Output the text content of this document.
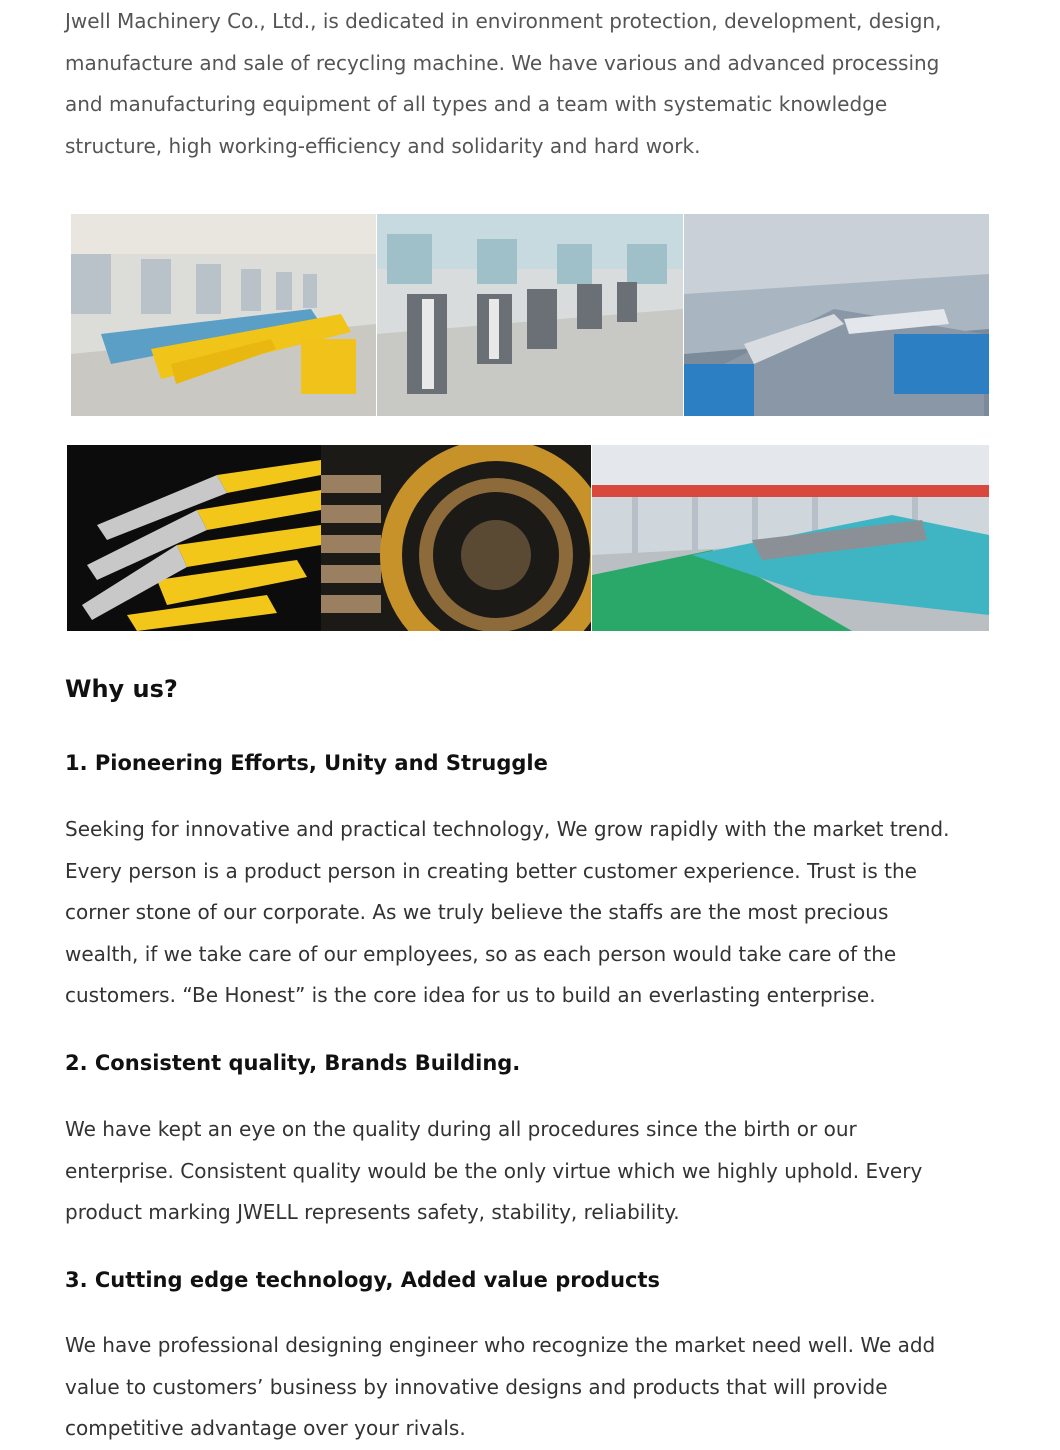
Jwell Machinery Co., Ltd., is dedicated in environment protection, development, design,
manufacture and sale of recycling machine. We have various and advanced processing
and manufacturing equipment of all types and a team with systematic knowledge
structure, high working-efficiency and solidarity and hard work.
Why us?
1. Pioneering Efforts, Unity and Struggle
Seeking for innovative and practical technology, We grow rapidly with the market trend.
Every person is a product person in creating better customer experience. Trust is the
corner stone of our corporate. As we truly believe the staffs are the most precious
wealth, if we take care of our employees, so as each person would take care of the
customers. “Be Honest” is the core idea for us to build an everlasting enterprise.
2. Consistent quality, Brands Building.
We have kept an eye on the quality during all procedures since the birth or our
enterprise. Consistent quality would be the only virtue which we highly uphold. Every
product marking JWELL represents safety, stability, reliability.
3. Cutting edge technology, Added value products
We have professional designing engineer who recognize the market need well. We add
value to customers’ business by innovative designs and products that will provide
competitive advantage over your rivals.
